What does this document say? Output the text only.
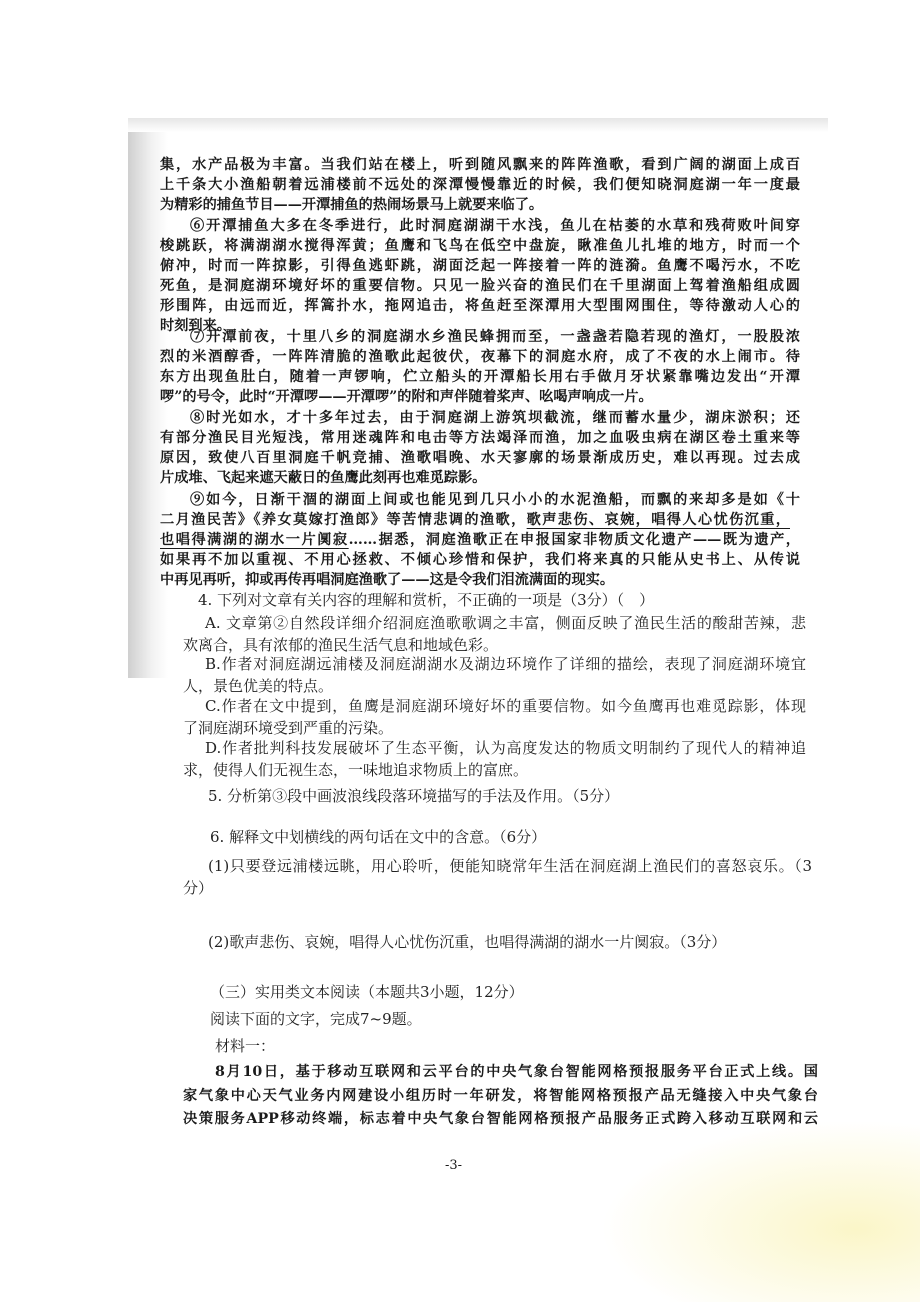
集，水产品极为丰富。当我们站在楼上，听到随风飘来的阵阵渔歌，看到广阔的湖面上成百
上千条大小渔船朝着远浦楼前不远处的深潭慢慢靠近的时候，我们便知晓洞庭湖一年一度最
为精彩的捕鱼节目——开潭捕鱼的热闹场景马上就要来临了。
⑥开潭捕鱼大多在冬季进行，此时洞庭湖湖干水浅，鱼儿在枯萎的水草和残荷败叶间穿
梭跳跃，将满湖湖水搅得浑黄；鱼鹰和飞鸟在低空中盘旋，瞅准鱼儿扎堆的地方，时而一个
俯冲，时而一阵掠影，引得鱼逃虾跳，湖面泛起一阵接着一阵的涟漪。鱼鹰不喝污水，不吃
死鱼，是洞庭湖环境好坏的重要信物。只见一脸兴奋的渔民们在千里湖面上驾着渔船组成圆
形围阵，由远而近，挥篙扑水，拖网追击，将鱼赶至深潭用大型围网围住，等待激动人心的
时刻到来。
⑦开潭前夜，十里八乡的洞庭湖水乡渔民蜂拥而至，一盏盏若隐若现的渔灯，一股股浓
烈的米酒醇香，一阵阵清脆的渔歌此起彼伏，夜幕下的洞庭水府，成了不夜的水上闹市。待
东方出现鱼肚白，随着一声锣响，伫立船头的开潭船长用右手做月牙状紧靠嘴边发出“开潭
啰”的号令，此时“开潭啰——开潭啰”的附和声伴随着桨声、吆喝声响成一片。
⑧时光如水，才十多年过去，由于洞庭湖上游筑坝截流，继而蓄水量少，湖床淤积；还
有部分渔民目光短浅，常用迷魂阵和电击等方法竭泽而渔，加之血吸虫病在湖区卷土重来等
原因，致使八百里洞庭千帆竞捕、渔歌唱晚、水天寥廓的场景渐成历史，难以再现。过去成
片成堆、飞起来遮天蔽日的鱼鹰此刻再也难觅踪影。
⑨如今，日渐干涸的湖面上间或也能见到几只小小的水泥渔船，而飘的来却多是如《十
二月渔民苦》《养女莫嫁打渔郎》等苦情悲调的渔歌，歌声悲伤、哀婉，唱得人心忧伤沉重，
也唱得满湖的湖水一片阒寂……据悉，洞庭渔歌正在申报国家非物质文化遗产——既为遗产，
如果再不加以重视、不用心拯救、不倾心珍惜和保护，我们将来真的只能从史书上、从传说
中再见再听，抑或再传再唱洞庭渔歌了——这是令我们泪流满面的现实。
4. 下列对文章有关内容的理解和赏析，不正确的一项是（3分）（　）
A. 文章第②自然段详细介绍洞庭渔歌歌调之丰富，侧面反映了渔民生活的酸甜苦辣，悲
欢离合，具有浓郁的渔民生活气息和地域色彩。
B.作者对洞庭湖远浦楼及洞庭湖湖水及湖边环境作了详细的描绘，表现了洞庭湖环境宜
人，景色优美的特点。
C.作者在文中提到，鱼鹰是洞庭湖环境好坏的重要信物。如今鱼鹰再也难觅踪影，体现
了洞庭湖环境受到严重的污染。
D.作者批判科技发展破坏了生态平衡，认为高度发达的物质文明制约了现代人的精神追
求，使得人们无视生态，一味地追求物质上的富庶。
5. 分析第③段中画波浪线段落环境描写的手法及作用。（5分）
6. 解释文中划横线的两句话在文中的含意。（6分）
(1)只要登远浦楼远眺，用心聆听，便能知晓常年生活在洞庭湖上渔民们的喜怒哀乐。（3
分）
(2)歌声悲伤、哀婉，唱得人心忧伤沉重，也唱得满湖的湖水一片阒寂。（3分）
（三）实用类文本阅读（本题共3小题，12分）
阅读下面的文字，完成7~9题。
材料一：
8月10日，基于移动互联网和云平台的中央气象台智能网格预报服务平台正式上线。国
家气象中心天气业务内网建设小组历时一年研发，将智能网格预报产品无缝接入中央气象台
决策服务APP移动终端，标志着中央气象台智能网格预报产品服务正式跨入移动互联网和云
-3-
